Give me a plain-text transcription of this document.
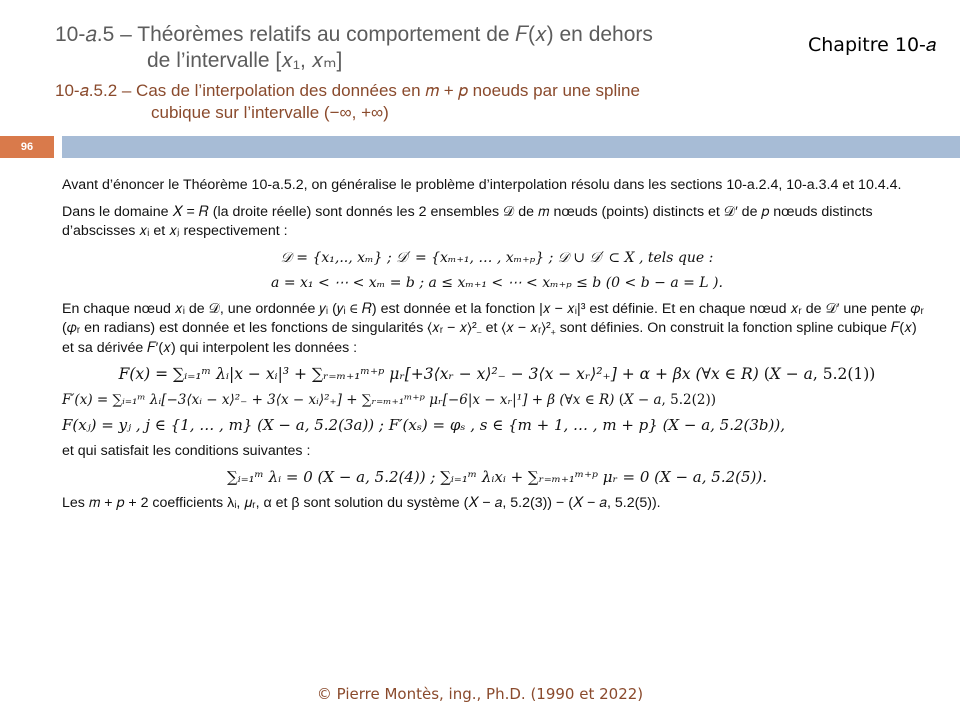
10-𝑎.5 – Théorèmes relatifs au comportement de 𝐹(𝑥) en dehors
de l’intervalle [𝑥₁, 𝑥ₘ]
10-𝑎.5.2 – Cas de l’interpolation des données en 𝑚 + 𝑝 noeuds par une spline
cubique sur l’intervalle (−∞, +∞)
Chapitre 10-𝑎
96
Avant d’énoncer le Théorème 10-a.5.2, on généralise le problème d’interpolation résolu dans les sections 10-a.2.4, 10-a.3.4 et 10.4.4.
Dans le domaine 𝑋 = 𝑅 (la droite réelle) sont donnés les 2 ensembles 𝒟 de 𝑚 nœuds (points) distincts et 𝒟′ de 𝑝 nœuds distincts d’abscisses 𝑥ᵢ et 𝑥ⱼ respectivement :
𝒟 = {𝑥₁,.., 𝑥ₘ} ; 𝒟′ = {𝑥ₘ₊₁, … , 𝑥ₘ₊ₚ} ; 𝒟 ∪ 𝒟′ ⊂ 𝑋 , tels que :
𝑎 = 𝑥₁ < ⋯ < 𝑥ₘ = 𝑏 ; 𝑎 ≤ 𝑥ₘ₊₁ < ⋯ < 𝑥ₘ₊ₚ ≤ 𝑏 (0 < 𝑏 − 𝑎 = 𝐿 ).
En chaque nœud 𝑥ᵢ de 𝒟, une ordonnée 𝑦ᵢ (𝑦ᵢ ∈ 𝑅) est donnée et la fonction |𝑥 − 𝑥ᵢ|³ est définie. Et en chaque nœud 𝑥ᵣ de 𝒟′ une pente 𝜑ᵣ (𝜑ᵣ en radians) est donnée et les fonctions de singularités ⟨𝑥ᵣ − 𝑥⟩²₋ et ⟨𝑥 − 𝑥ᵣ⟩²₊ sont définies. On construit la fonction spline cubique 𝐹(𝑥) et sa dérivée 𝐹′(𝑥) qui interpolent les données :
𝐹(𝑥) = ∑ᵢ₌₁ᵐ λᵢ|𝑥 − 𝑥ᵢ|³ + ∑ᵣ₌ₘ₊₁ᵐ⁺ᵖ 𝜇ᵣ[+3⟨𝑥ᵣ − 𝑥⟩²₋ − 3⟨𝑥 − 𝑥ᵣ⟩²₊] + α + β𝑥 (∀𝑥 ∈ 𝑅) (𝑋 − 𝑎, 5.2(1))
𝐹′(𝑥) = ∑ᵢ₌₁ᵐ λᵢ[−3⟨𝑥ᵢ − 𝑥⟩²₋ + 3⟨𝑥 − 𝑥ᵢ⟩²₊] + ∑ᵣ₌ₘ₊₁ᵐ⁺ᵖ 𝜇ᵣ[−6|𝑥 − 𝑥ᵣ|¹] + β (∀𝑥 ∈ 𝑅) (𝑋 − 𝑎, 5.2(2))
𝐹(𝑥ⱼ) = 𝑦ⱼ , 𝑗 ∈ {1, … , 𝑚} (𝑋 − 𝑎, 5.2(3𝑎)) ; 𝐹′(𝑥ₛ) = 𝜑ₛ , 𝑠 ∈ {𝑚 + 1, … , 𝑚 + 𝑝} (𝑋 − 𝑎, 5.2(3𝑏)),
et qui satisfait les conditions suivantes :
∑ᵢ₌₁ᵐ λᵢ = 0 (𝑋 − 𝑎, 5.2(4)) ; ∑ᵢ₌₁ᵐ λᵢ𝑥ᵢ + ∑ᵣ₌ₘ₊₁ᵐ⁺ᵖ 𝜇ᵣ = 0 (𝑋 − 𝑎, 5.2(5)).
Les 𝑚 + 𝑝 + 2 coefficients λᵢ, 𝜇ᵣ, α et β sont solution du système (𝑋 − 𝑎, 5.2(3)) − (𝑋 − 𝑎, 5.2(5)).
© Pierre Montès, ing., Ph.D. (1990 et 2022)
